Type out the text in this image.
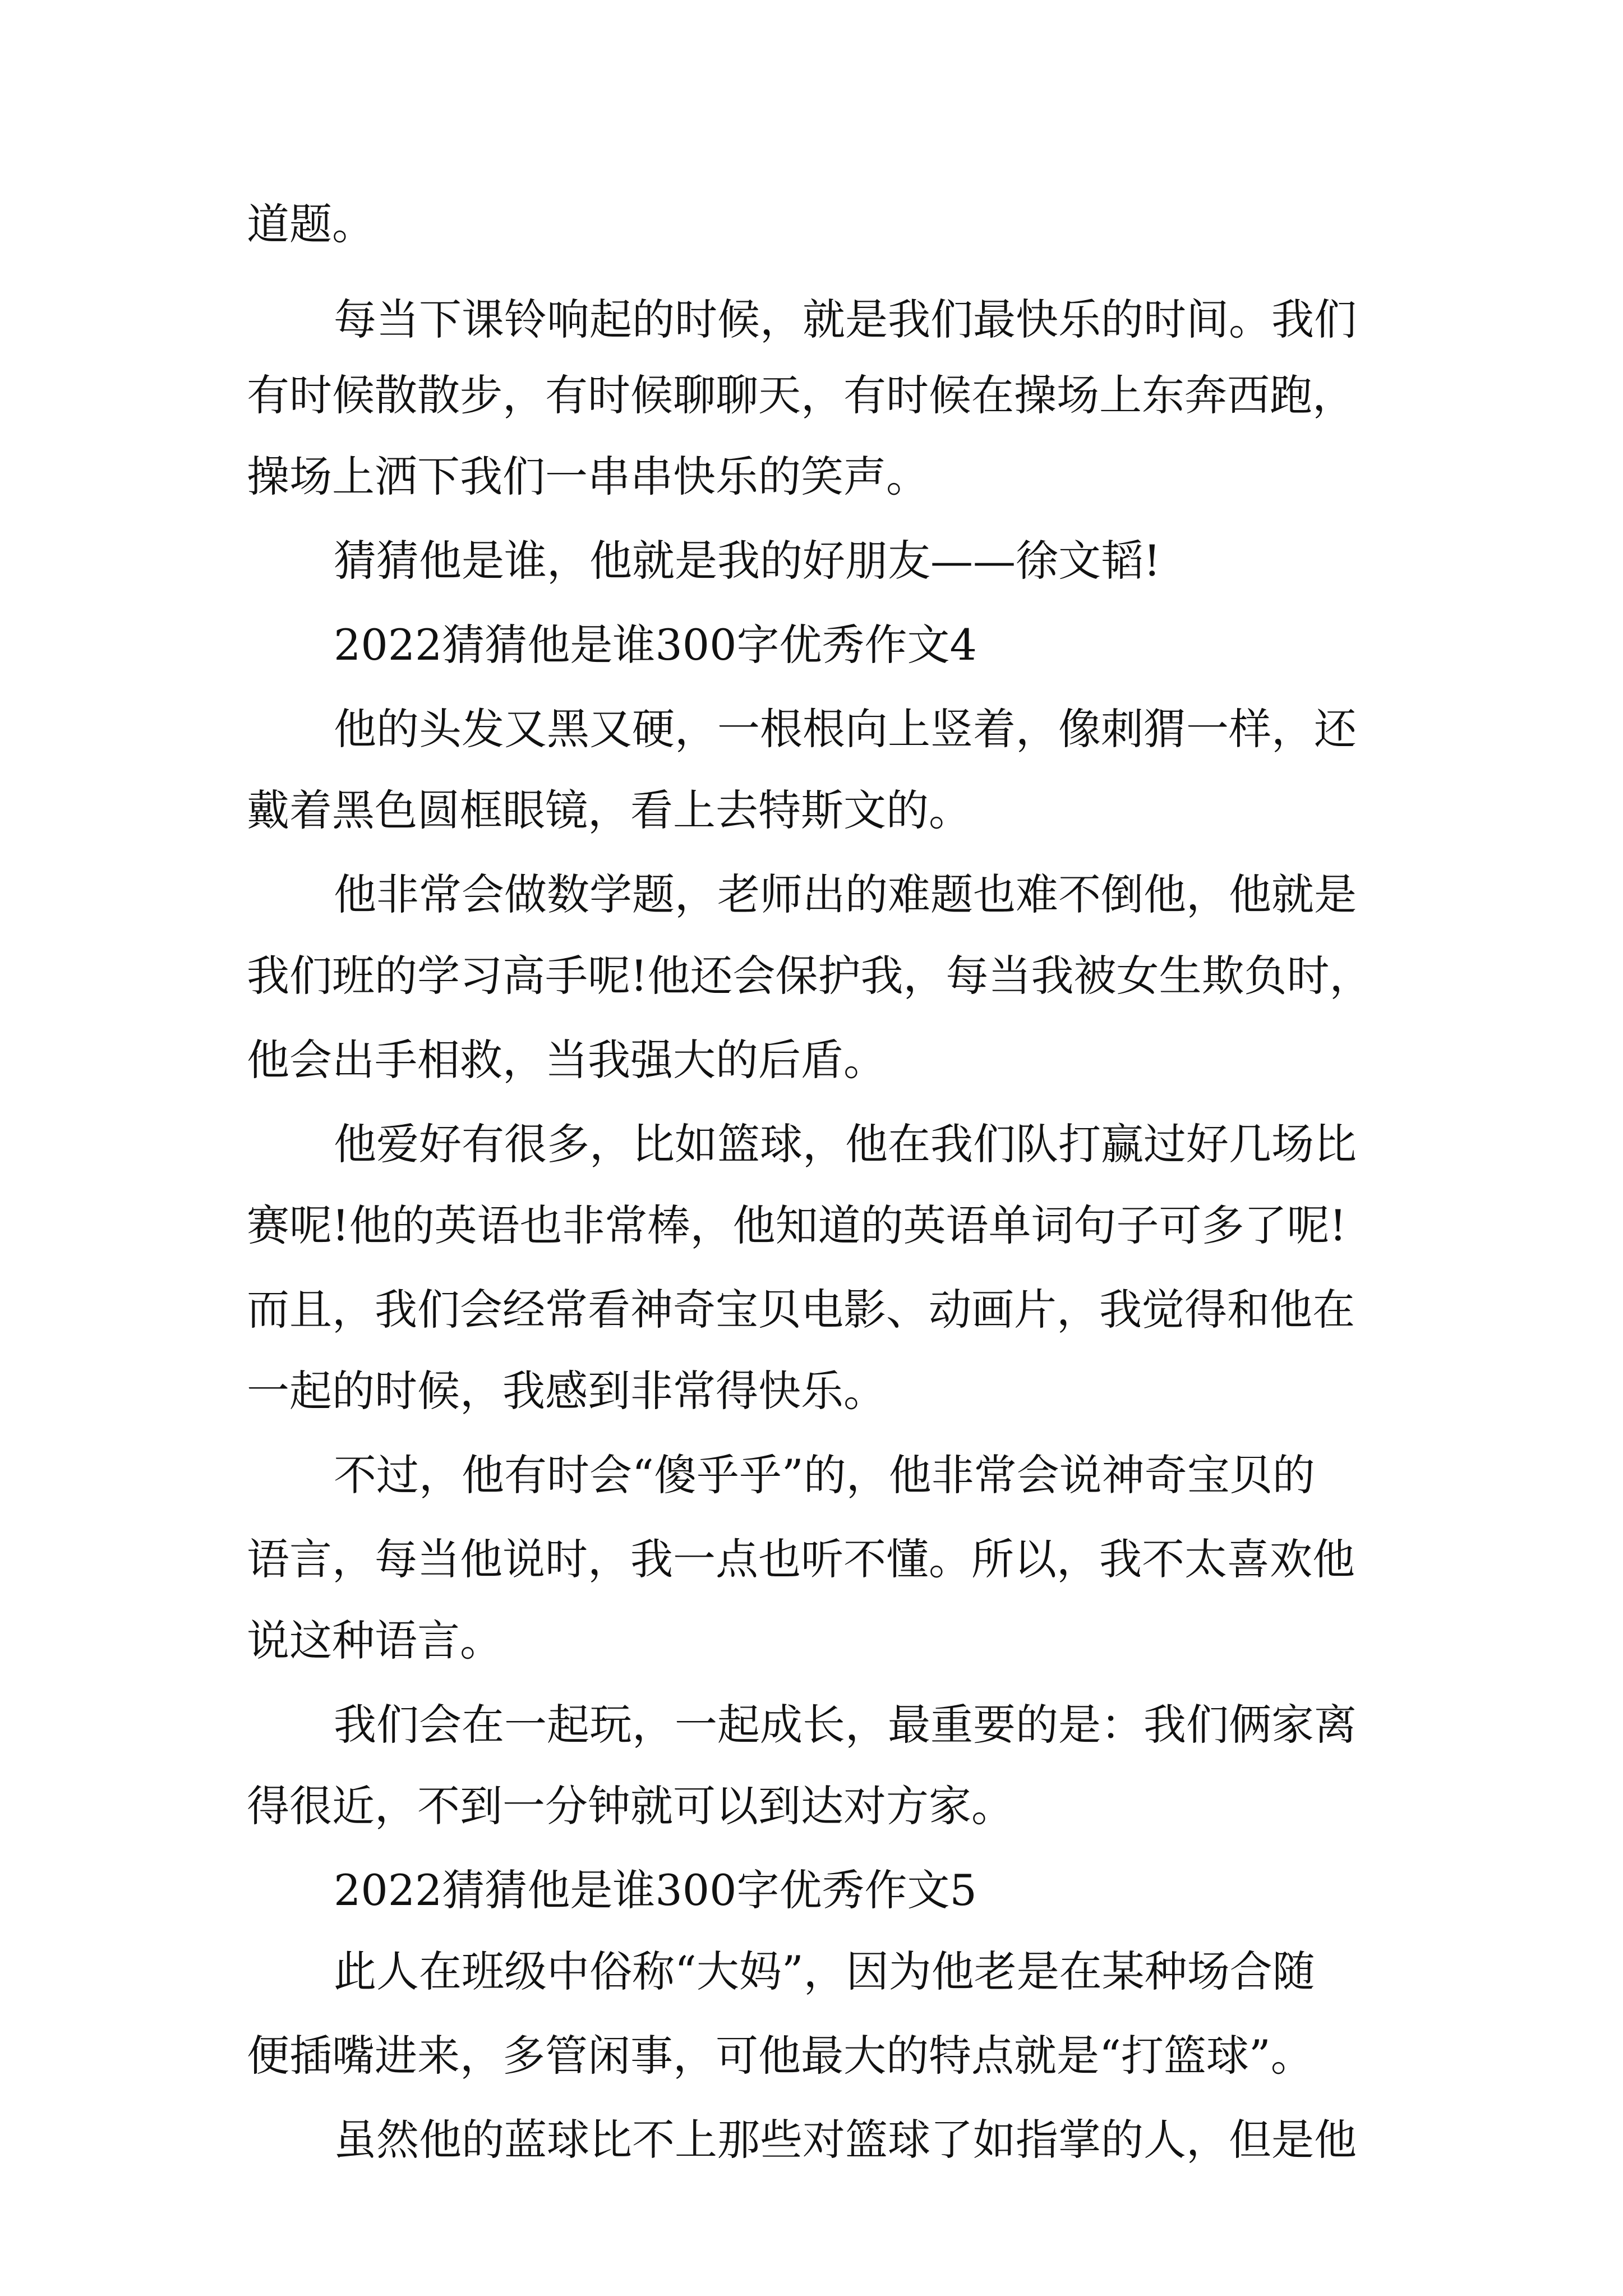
道题。
每当下课铃响起的时候，就是我们最快乐的时间。我们
有时候散散步，有时候聊聊天，有时候在操场上东奔西跑，
操场上洒下我们一串串快乐的笑声。
猜猜他是谁，他就是我的好朋友——徐文韬!
2022猜猜他是谁300字优秀作文4
他的头发又黑又硬，一根根向上竖着，像刺猬一样，还
戴着黑色圆框眼镜，看上去特斯文的。
他非常会做数学题，老师出的难题也难不倒他，他就是
我们班的学习高手呢!他还会保护我，每当我被女生欺负时，
他会出手相救，当我强大的后盾。
他爱好有很多，比如篮球，他在我们队打赢过好几场比
赛呢!他的英语也非常棒，他知道的英语单词句子可多了呢!
而且，我们会经常看神奇宝贝电影、动画片，我觉得和他在
一起的时候，我感到非常得快乐。
不过，他有时会“傻乎乎”的，他非常会说神奇宝贝的
语言，每当他说时，我一点也听不懂。所以，我不太喜欢他
说这种语言。
我们会在一起玩，一起成长，最重要的是：我们俩家离
得很近，不到一分钟就可以到达对方家。
2022猜猜他是谁300字优秀作文5
此人在班级中俗称“大妈”，因为他老是在某种场合随
便插嘴进来，多管闲事，可他最大的特点就是“打篮球”。
虽然他的蓝球比不上那些对篮球了如指掌的人，但是他
